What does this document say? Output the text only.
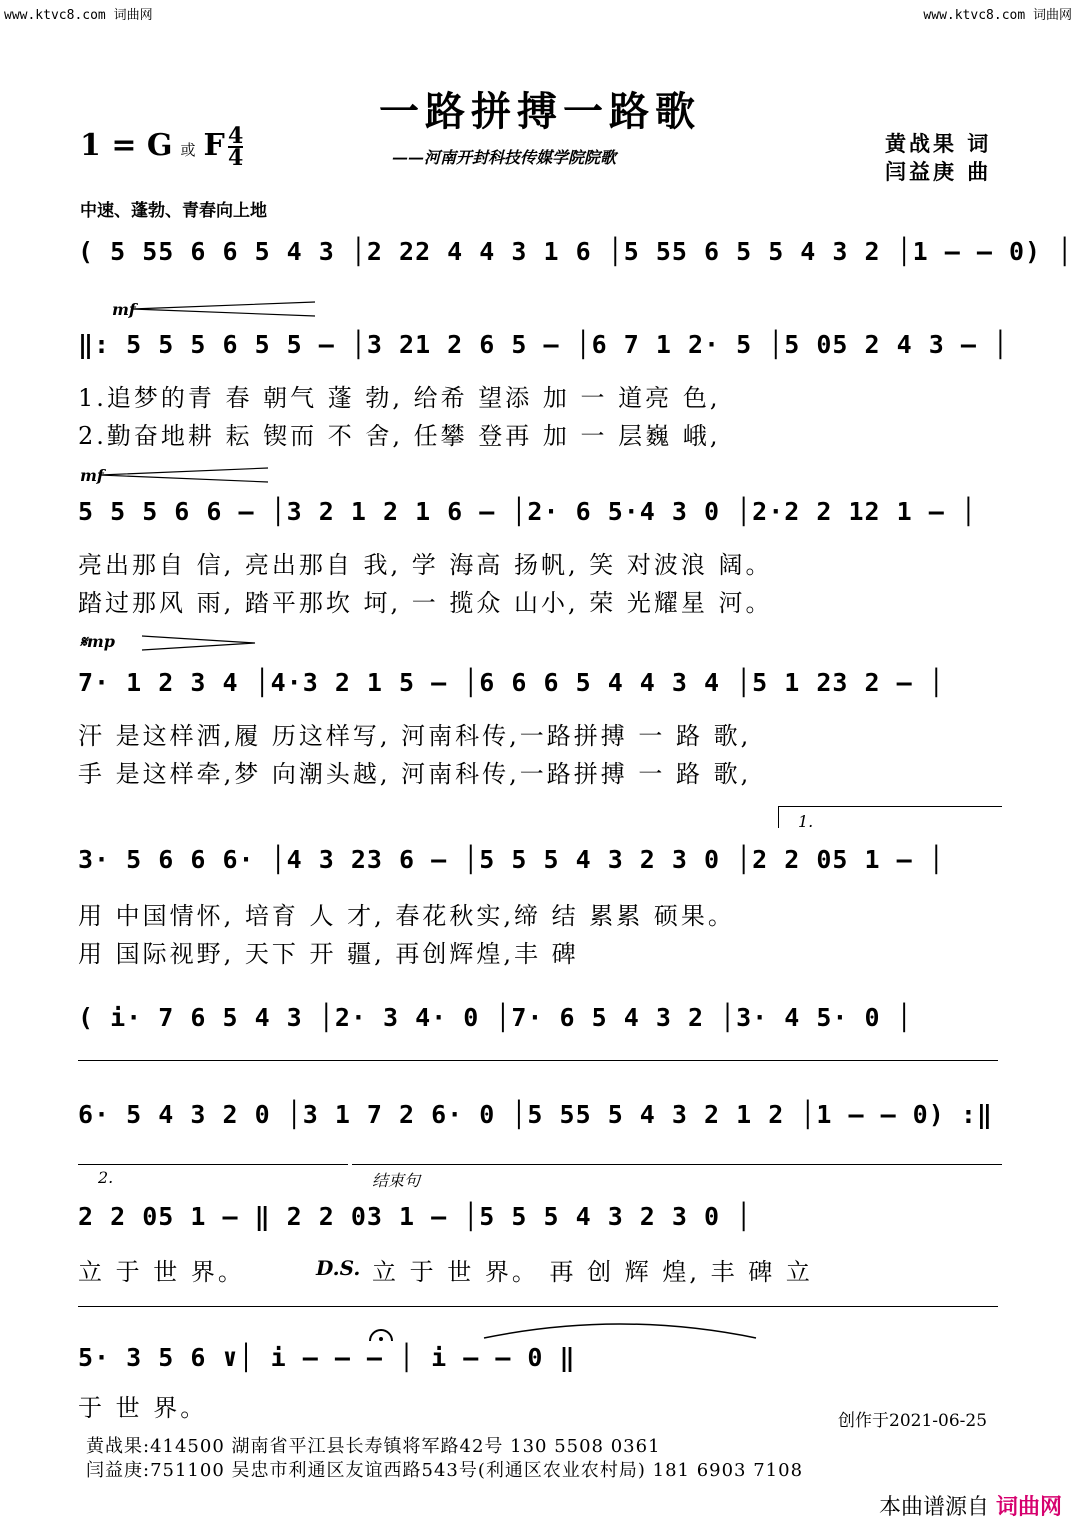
www.ktvc8.com 词曲网	www.ktvc8.com 词曲网
一路拼搏一路歌
——河南开封科技传媒学院院歌
1 = G 或 F $\frac{4}{4}$	黄战果 词
闫益庚 曲
中速、蓬勃、青春向上地
( 5 55 6 6 5 4 3 │2 22 4 4 3 1 6 │5 55 6 5 5 4 3 2 │1 – – 0) │
mf
‖: 5 5 5 6 5 5 – │3 21 2 6 5 – │6 7 1 2· 5 │5 05 2 4 3 – │
1.追梦的青 春 朝气 蓬 勃, 给希 望添 加 一 道亮 色,
2.勤奋地耕 耘 锲而 不 舍, 任攀 登再 加 一 层巍 峨,
mf
5 5 5 6 6 – │3 2 1 2 1 6 – │2· 6 5·4 3 0 │2·2 2 12 1 – │
亮出那自 信, 亮出那自 我, 学 海高 扬帆, 笑 对波浪 阔。
踏过那风 雨, 踏平那坎 坷, 一 揽众 山小, 荣 光耀星 河。
𝄋mp
7· 1 2 3 4 │4·3 2 1 5 – │6 6 6 5 4 4 3 4 │5 1 23 2 – │
汗 是这样洒,履 历这样写, 河南科传,一路拼搏 一 路 歌,
手 是这样牵,梦 向潮头越, 河南科传,一路拼搏 一 路 歌,
1.
3· 5 6 6 6· │4 3 23 6 – │5 5 5 4 3 2 3 0 │2 2 05 1 – │
用 中国情怀, 培育 人 才, 春花秋实,缔 结 累累 硕果。
用 国际视野, 天下 开 疆, 再创辉煌,丰 碑
( i· 7 6 5 4 3 │2· 3 4· 0 │7· 6 5 4 3 2 │3· 4 5· 0 │
6· 5 4 3 2 0 │3 1 7 2 6· 0 │5 55 5 4 3 2 1 2 │1 – – 0) :‖
2.	结束句
2 2 05 1 – ‖ 2 2 03 1 – │5 5 5 4 3 2 3 0 │
立 于 世 界。	D.S. 立 于 世 界。 再 创 辉 煌, 丰 碑 立
5· 3 5 6 ∨│ i – – – │ i – – 0 ‖
于 世 界。	创作于2021-06-25
黄战果:414500 湖南省平江县长寿镇将军路42号 130 5508 0361
闫益庚:751100 吴忠市利通区友谊西路543号(利通区农业农村局) 181 6903 7108
本曲谱源自 词曲网
